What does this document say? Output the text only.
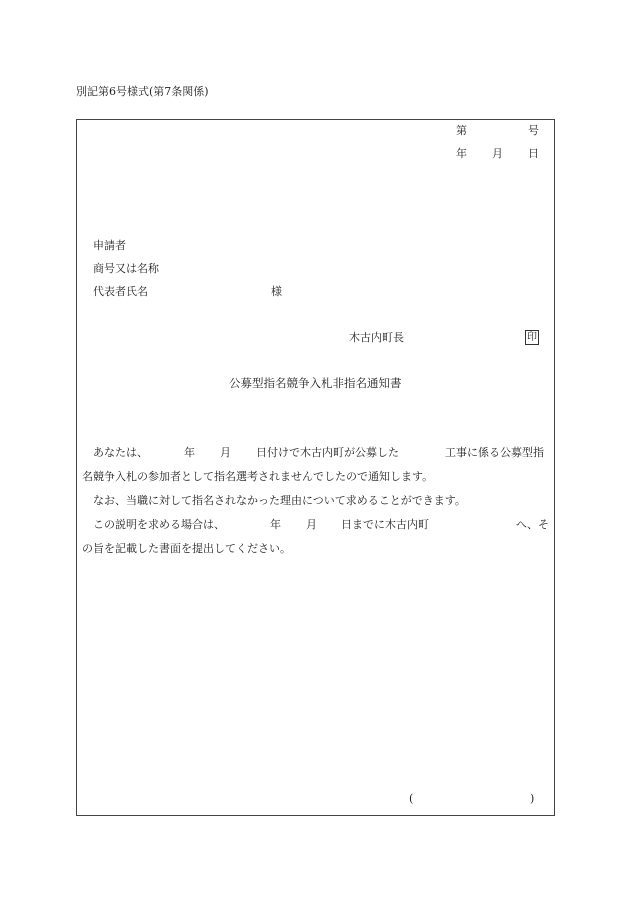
別記第6号様式(第7条関係)
第	号
年 月 日
申請者
商号又は名称
代表者氏名	様
木古内町長	印
公募型指名競争入札非指名通知書
あなたは、	年 月 日付けで木古内町が公募した	工事に係る公募型指
名競争入札の参加者として指名選考されませんでしたので通知します。
なお、当職に対して指名されなかった理由について求めることができます。
この説明を求める場合は、	年 月 日までに木古内町	へ、そ
の旨を記載した書面を提出してください。
(	)
